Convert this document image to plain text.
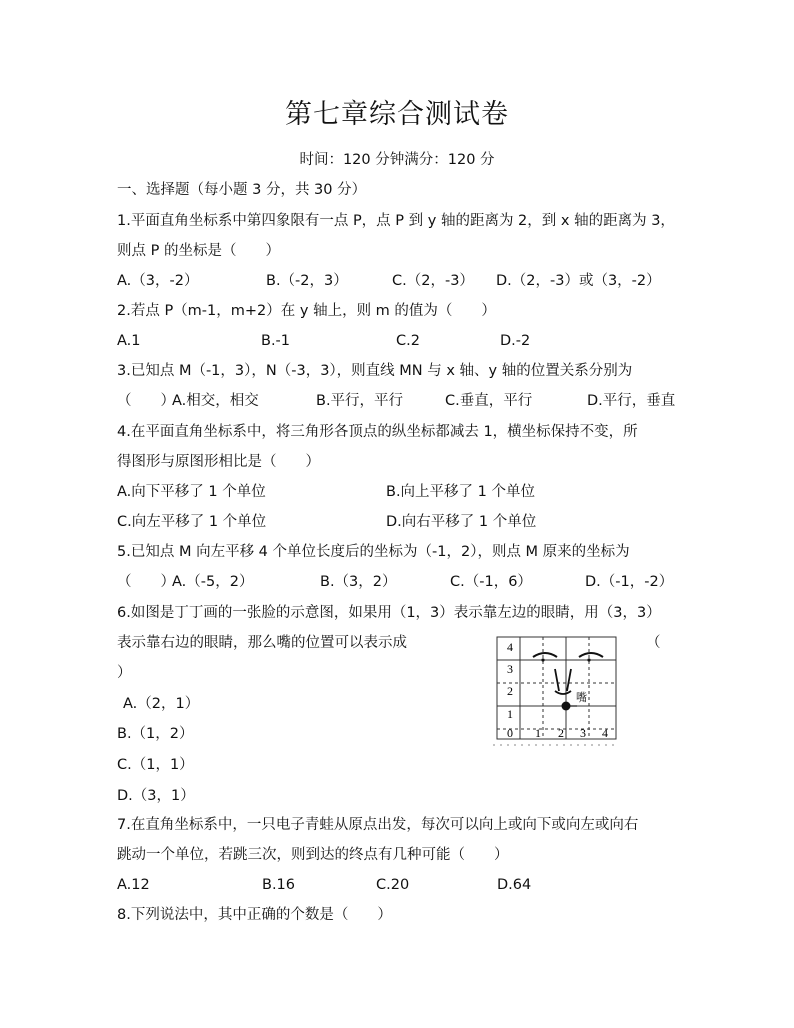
第七章综合测试卷
时间：120 分钟满分：120 分
一、选择题（每小题 3 分，共 30 分）
1.平面直角坐标系中第四象限有一点 P，点 P 到 y 轴的距离为 2，到 x 轴的距离为 3，
则点 P 的坐标是（　　）
A.（3，-2）	B.（-2，3）	C.（2，-3） D.（2，-3）或（3，-2）
2.若点 P（m-1，m+2）在 y 轴上，则 m 的值为（　　）
A.1	B.-1	C.2	D.-2
3.已知点 M（-1，3），N（-3，3），则直线 MN 与 x 轴、y 轴的位置关系分别为
（　　）
A.相交，相交	B.平行，平行	C.垂直，平行	D.平行，垂直
4.在平面直角坐标系中，将三角形各顶点的纵坐标都减去 1，横坐标保持不变，所
得图形与原图形相比是（　　）
A.向下平移了 1 个单位	B.向上平移了 1 个单位
C.向左平移了 1 个单位	D.向右平移了 1 个单位
5.已知点 M 向左平移 4 个单位长度后的坐标为（-1，2），则点 M 原来的坐标为
（　　）
A.（-5，2）	B.（3，2）	C.（-1，6）	D.（-1，-2）
6.如图是丁丁画的一张脸的示意图，如果用（1，3）表示靠左边的眼睛，用（3，3）
表示靠右边的眼睛，那么嘴的位置可以表示成	（
）
A.（2，1）
B.（1，2）
C.（1，1）
D.（3，1）
嘴
4
3
2
1
0 1 2 3 4
7.在直角坐标系中，一只电子青蛙从原点出发，每次可以向上或向下或向左或向右
跳动一个单位，若跳三次，则到达的终点有几种可能（　　）
A.12	B.16	C.20	D.64
8.下列说法中，其中正确的个数是（　　）
